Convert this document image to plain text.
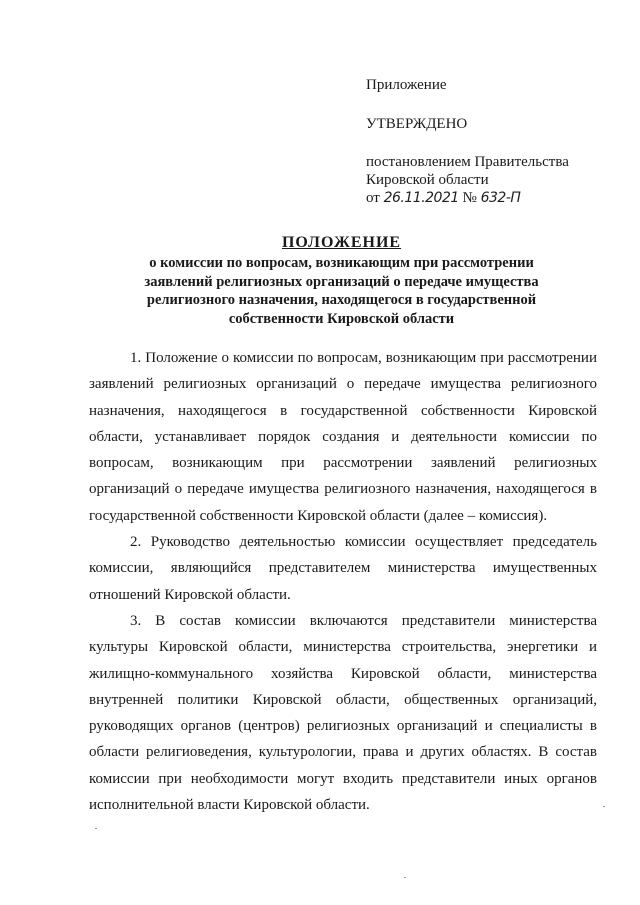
Приложение
УТВЕРЖДЕНО
постановлением Правительства
Кировской области
от 26.11.2021 № 632-П
ПОЛОЖЕНИЕ
о комиссии по вопросам, возникающим при рассмотрении
заявлений религиозных организаций о передаче имущества
религиозного назначения, находящегося в государственной
собственности Кировской области

1. Положение о комиссии по вопросам, возникающим при рассмотрении заявлений религиозных организаций о передаче имущества религиозного назначения, находящегося в государственной собственности Кировской области, устанавливает порядок создания и деятельности комиссии по вопросам, возникающим при рассмотрении заявлений религиозных организаций о передаче имущества религиозного назначения, находящегося в государственной собственности Кировской области (далее – комиссия).

2. Руководство деятельностью комиссии осуществляет председатель комиссии, являющийся представителем министерства имущественных отношений Кировской области.

3. В состав комиссии включаются представители министерства культуры Кировской области, министерства строительства, энергетики и жилищно-коммунального хозяйства Кировской области, министерства внутренней политики Кировской области, общественных организаций, руководящих органов (центров) религиозных организаций и специалисты в области религиоведения, культурологии, права и других областях. В состав комиссии при необходимости могут входить представители иных органов исполнительной власти Кировской области.
